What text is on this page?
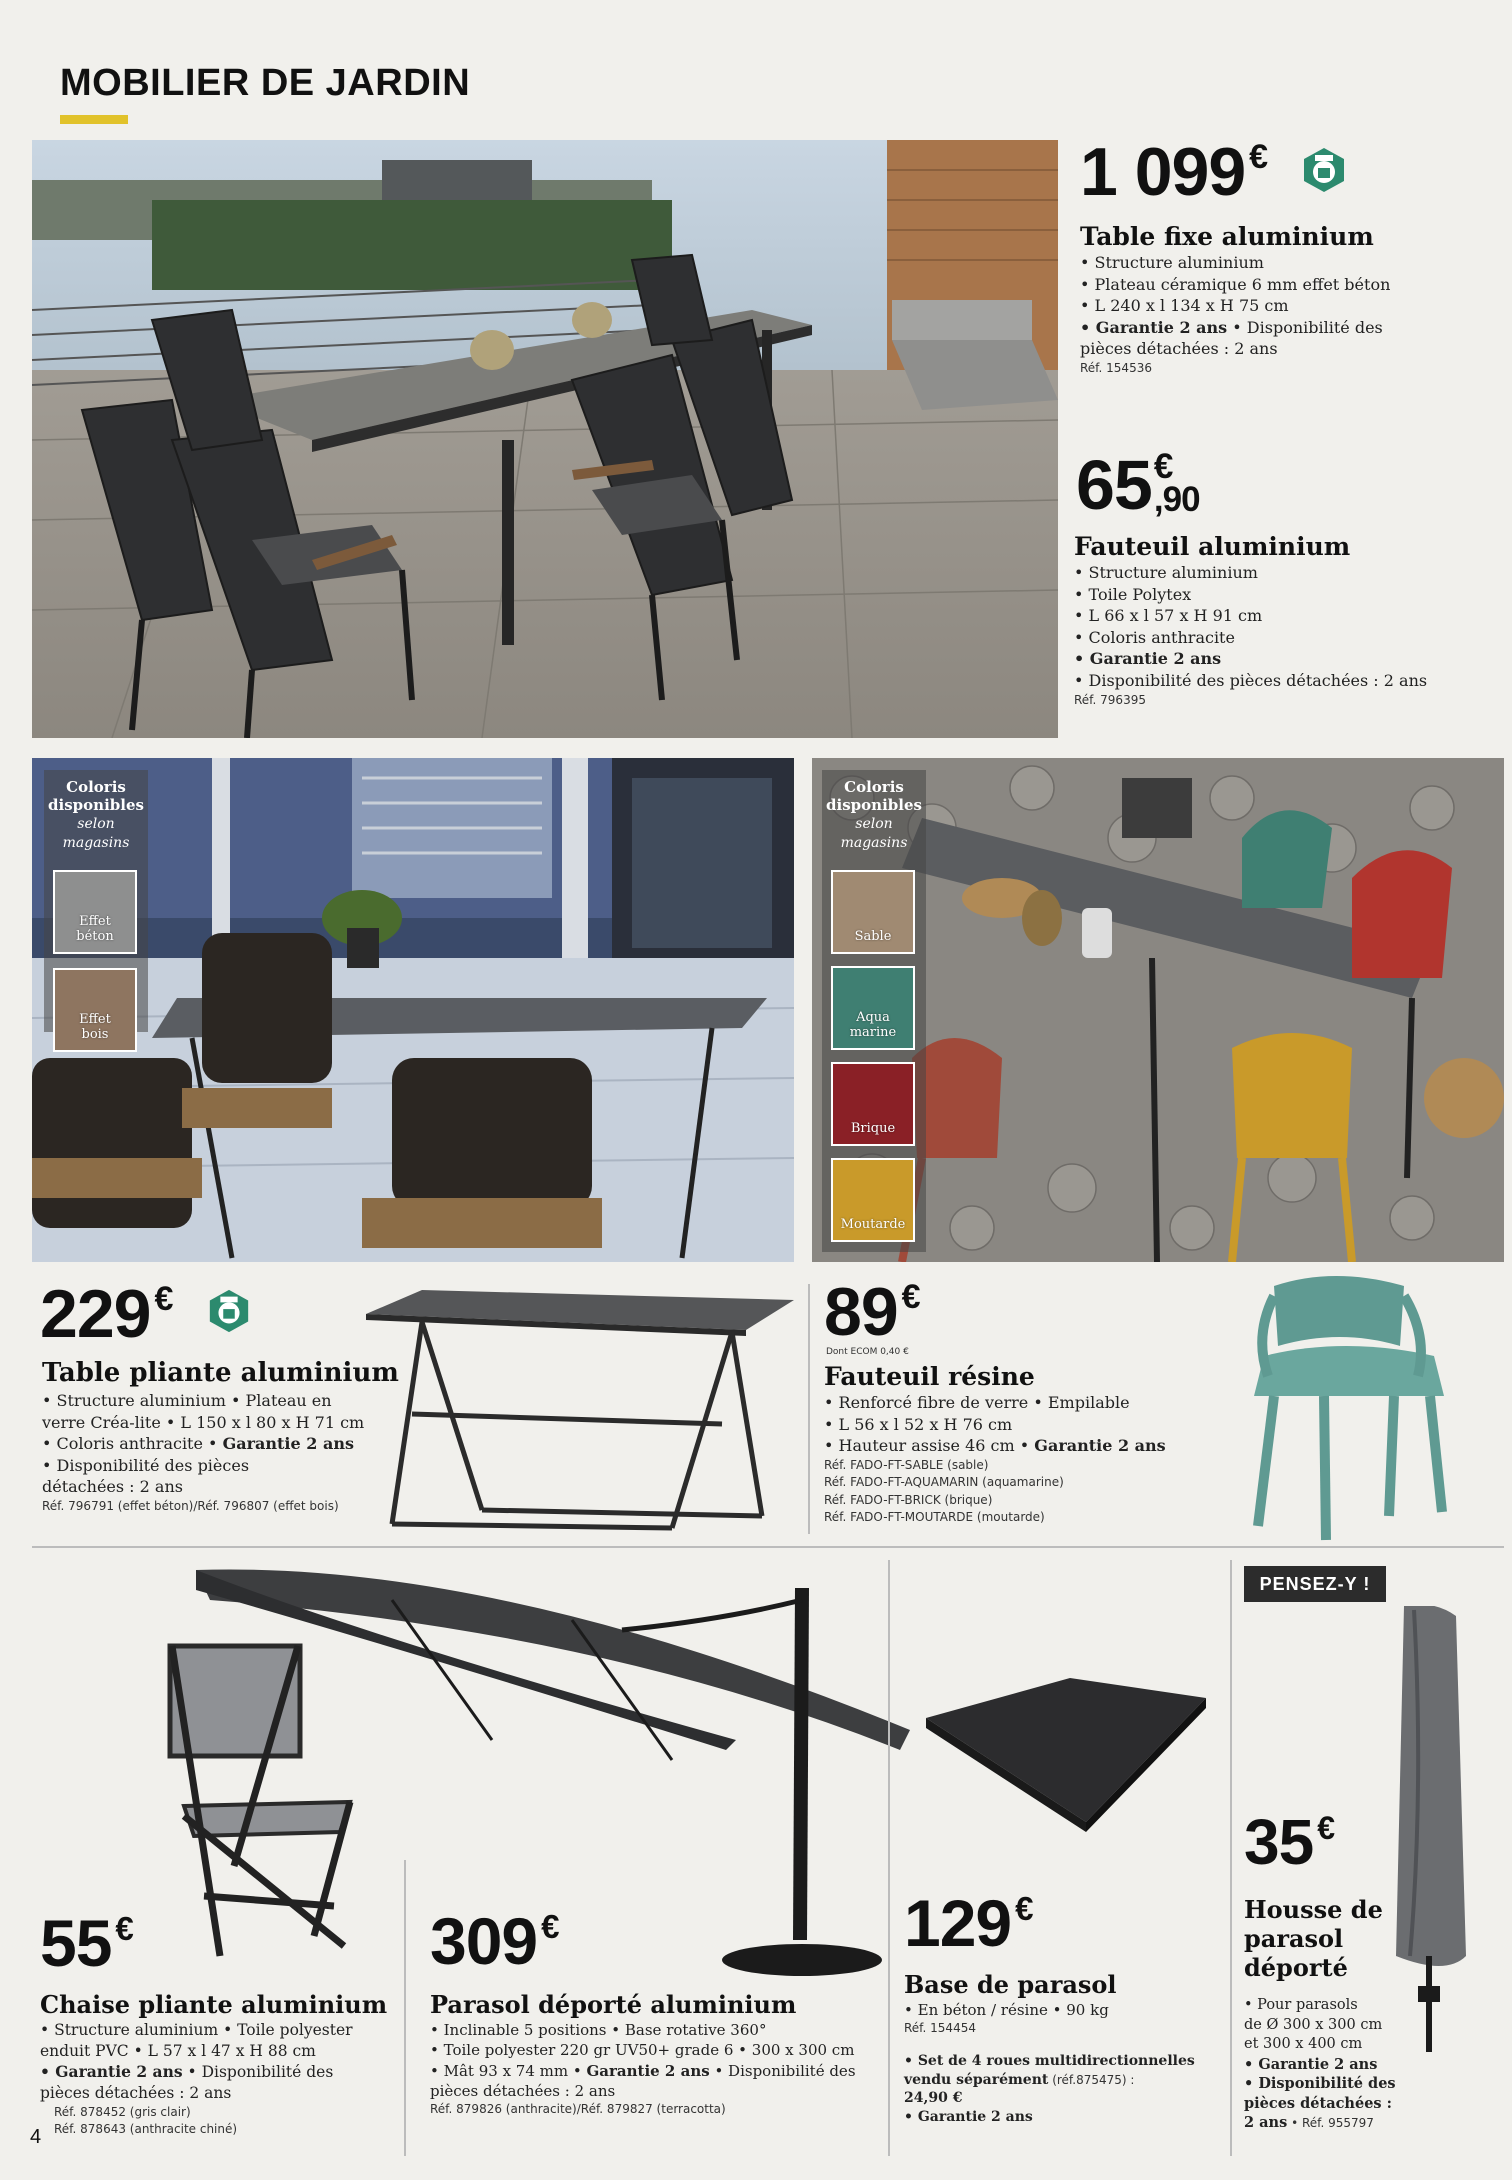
MOBILIER DE JARDIN
1 099 €
Table fixe aluminium
• Structure aluminium
• Plateau céramique 6 mm effet béton
• L 240 x l 134 x H 75 cm
• Garantie 2 ans • Disponibilité des
pièces détachées : 2 ans
Réf. 154536
65 €
,90
Fauteuil aluminium
• Structure aluminium
• Toile Polytex
• L 66 x l 57 x H 91 cm
• Coloris anthracite
• Garantie 2 ans
• Disponibilité des pièces détachées : 2 ans
Réf. 796395
Coloris
disponibles
selon
magasins
Effet
béton
Effet
bois
Coloris
disponibles
selon
magasins
Sable
Aqua
marine
Brique
Moutarde
229 €
Table pliante aluminium
• Structure aluminium • Plateau en
verre Créa-lite • L 150 x l 80 x H 71 cm
• Coloris anthracite • Garantie 2 ans
• Disponibilité des pièces
détachées : 2 ans
Réf. 796791 (effet béton)/Réf. 796807 (effet bois)
89 €
Dont ECOM 0,40 €
Fauteuil résine
• Renforcé fibre de verre • Empilable
• L 56 x l 52 x H 76 cm
• Hauteur assise 46 cm • Garantie 2 ans
Réf. FADO-FT-SABLE (sable)
Réf. FADO-FT-AQUAMARIN (aquamarine)
Réf. FADO-FT-BRICK (brique)
Réf. FADO-FT-MOUTARDE (moutarde)
55 €
Chaise pliante aluminium
• Structure aluminium • Toile polyester
enduit PVC • L 57 x l 47 x H 88 cm
• Garantie 2 ans • Disponibilité des
pièces détachées : 2 ans
Réf. 878452 (gris clair)
Réf. 878643 (anthracite chiné)
309 €
Parasol déporté aluminium
• Inclinable 5 positions • Base rotative 360°
• Toile polyester 220 gr UV50+ grade 6 • 300 x 300 cm
• Mât 93 x 74 mm • Garantie 2 ans • Disponibilité des
pièces détachées : 2 ans
Réf. 879826 (anthracite)/Réf. 879827 (terracotta)
129 €
Base de parasol
• En béton / résine • 90 kg
Réf. 154454
• Set de 4 roues multidirectionnelles
vendu séparément (réf.875475) :
24,90 €
• Garantie 2 ans
PENSEZ-Y !
35 €
Housse de
parasol
déporté
• Pour parasols
de Ø 300 x 300 cm
et 300 x 400 cm
• Garantie 2 ans
• Disponibilité des
pièces détachées :
2 ans • Réf. 955797
4
